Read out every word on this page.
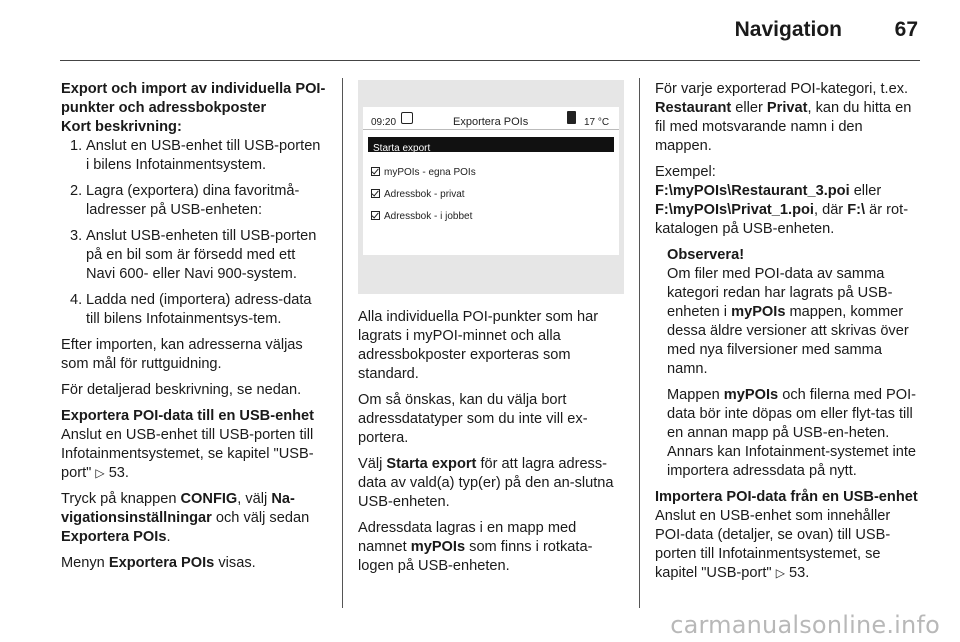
Navigation	67
Export och import av individuella POI-punkter och adressbokposter
Kort beskrivning:
1. Anslut en USB-enhet till USB-porten i bilens Infotainmentsystem.
2. Lagra (exportera) dina favoritmå-ladresser på USB-enheten:
3. Anslut USB-enheten till USB-porten på en bil som är försedd med ett Navi 600- eller Navi 900-system.
4. Ladda ned (importera) adress-data till bilens Infotainmentsys-tem.

Efter importen, kan adresserna väljas som mål för ruttguidning.

För detaljerad beskrivning, se nedan.

Exportera POI-data till en USB-enhet

Anslut en USB-enhet till USB-porten till Infotainmentsystemet, se kapitel "USB-port" ▷ 53.

Tryck på knappen CONFIG, välj Na-vigationsinställningar och välj sedan Exportera POIs.

Menyn Exportera POIs visas.

09:20	Exportera POIs	17 °C
Starta export
myPOIs - egna POIs
Adressbok - privat
Adressbok - i jobbet

Alla individuella POI-punkter som har lagrats i myPOI-minnet och alla adressbokposter exporteras som standard.

Om så önskas, kan du välja bort adressdatatyper som du inte vill ex-portera.

Välj Starta export för att lagra adress-data av vald(a) typ(er) på den an-slutna USB-enheten.

Adressdata lagras i en mapp med namnet myPOIs som finns i rotkata-logen på USB-enheten.

För varje exporterad POI-kategori, t.ex. Restaurant eller Privat, kan du hitta en fil med motsvarande namn i den mappen.

Exempel:
F:\myPOIs\Restaurant_3.poi eller
F:\myPOIs\Privat_1.poi, där F:\ är rot-katalogen på USB-enheten.

Observera!

Om filer med POI-data av samma kategori redan har lagrats på USB-enheten i myPOIs mappen, kommer dessa äldre versioner att skrivas över med nya filversioner med samma namn.

Mappen myPOIs och filerna med POI-data bör inte döpas om eller flyt-tas till en annan mapp på USB-en-heten. Annars kan Infotainment-systemet inte importera adressdata på nytt.

Importera POI-data från en USB-enhet

Anslut en USB-enhet som innehåller POI-data (detaljer, se ovan) till USB-porten till Infotainmentsystemet, se kapitel "USB-port" ▷ 53.

carmanualsonline.info
